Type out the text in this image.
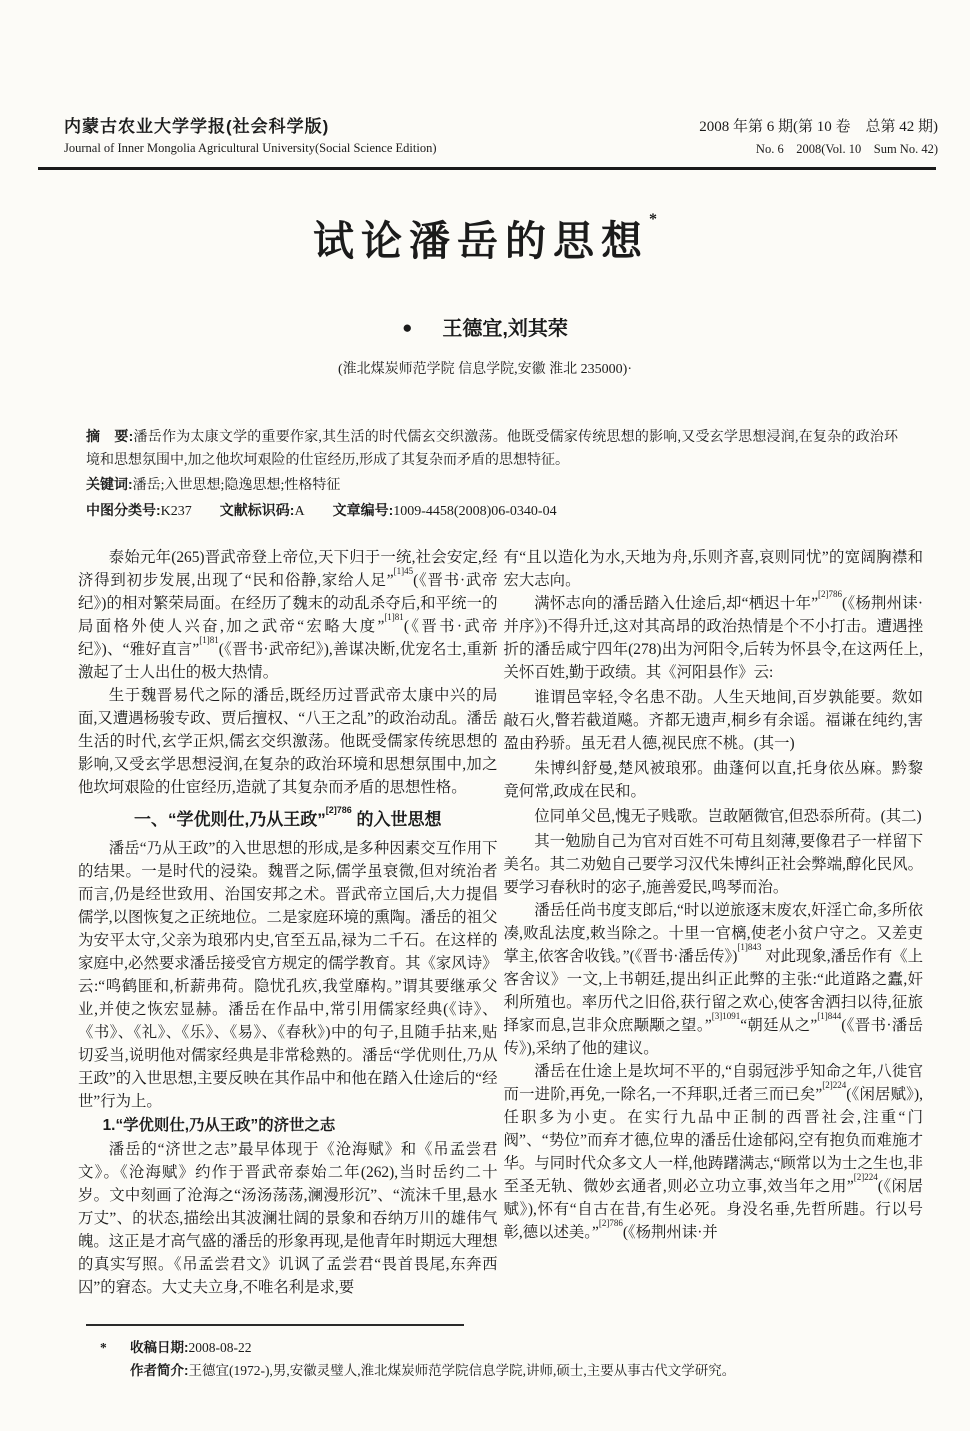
内蒙古农业大学学报(社会科学版)
Journal of Inner Mongolia Agricultural University(Social Science Edition)
2008 年第 6 期(第 10 卷　总第 42 期)
No. 6　2008(Vol. 10　Sum No. 42)
试论潘岳的思想*
● 王德宜,刘其荣
(淮北煤炭师范学院 信息学院,安徽 淮北 235000)·
摘　要:潘岳作为太康文学的重要作家,其生活的时代儒玄交织激荡。他既受儒家传统思想的影响,又受玄学思想浸润,在复杂的政治环境和思想氛围中,加之他坎坷艰险的仕宦经历,形成了其复杂而矛盾的思想特征。
关键词:潘岳;入世思想;隐逸思想;性格特征
中图分类号:K237 文献标识码:A 文章编号:1009-4458(2008)06-0340-04
泰始元年(265)晋武帝登上帝位,天下归于一统,社会安定,经济得到初步发展,出现了“民和俗静,家给人足”$^{[1]45}$(《晋书·武帝纪》)的相对繁荣局面。在经历了魏末的动乱杀夺后,和平统一的局面格外使人兴奋,加之武帝“宏略大度”$^{[1]81}$(《晋书·武帝纪》)、“雅好直言”$^{[1]81}$(《晋书·武帝纪》),善谋决断,优宠名士,重新激起了士人出仕的极大热情。
生于魏晋易代之际的潘岳,既经历过晋武帝太康中兴的局面,又遭遇杨骏专政、贾后擅权、“八王之乱”的政治动乱。潘岳生活的时代,玄学正炽,儒玄交织激荡。他既受儒家传统思想的影响,又受玄学思想浸润,在复杂的政治环境和思想氛围中,加之他坎坷艰险的仕宦经历,造就了其复杂而矛盾的思想性格。
一、“学优则仕,乃从王政”$^{[2]786}$ 的入世思想
潘岳“乃从王政”的入世思想的形成,是多种因素交互作用下的结果。一是时代的浸染。魏晋之际,儒学虽衰微,但对统治者而言,仍是经世致用、治国安邦之术。晋武帝立国后,大力提倡儒学,以图恢复之正统地位。二是家庭环境的熏陶。潘岳的祖父为安平太守,父亲为琅邪内史,官至五品,禄为二千石。在这样的家庭中,必然要求潘岳接受官方规定的儒学教育。其《家风诗》云:“鸣鹤匪和,析薪弗荷。隐忧孔疚,我堂靡构。”谓其要继承父业,并使之恢宏显赫。潘岳在作品中,常引用儒家经典(《诗》、《书》、《礼》、《乐》、《易》、《春秋》)中的句子,且随手拈来,贴切妥当,说明他对儒家经典是非常稔熟的。潘岳“学优则仕,乃从王政”的入世思想,主要反映在其作品中和他在踏入仕途后的“经世”行为上。
1.“学优则仕,乃从王政”的济世之志
潘岳的“济世之志”最早体现于《沧海赋》和《吊孟尝君文》。《沧海赋》约作于晋武帝泰始二年(262),当时岳约二十岁。文中刻画了沧海之“汤汤荡荡,澜漫形沉”、“流沫千里,悬水万丈”、的状态,描绘出其波澜壮阔的景象和吞纳万川的雄伟气魄。这正是才高气盛的潘岳的形象再现,是他青年时期远大理想的真实写照。《吊孟尝君文》讥讽了孟尝君“畏首畏尾,东奔西囚”的窘态。大丈夫立身,不唯名利是求,要
有“且以造化为水,天地为舟,乐则齐喜,哀则同忧”的宽阔胸襟和宏大志向。
满怀志向的潘岳踏入仕途后,却“栖迟十年”$^{[2]786}$(《杨荆州诔·并序》)不得升迁,这对其高昂的政治热情是个不小打击。遭遇挫折的潘岳咸宁四年(278)出为河阳令,后转为怀县令,在这两任上,关怀百姓,勤于政绩。其《河阳县作》云:
谁谓邑宰轻,令名患不劭。人生天地间,百岁孰能要。欻如敲石火,瞥若截道飚。齐都无遗声,桐乡有余谣。福谦在纯约,害盈由矜骄。虽无君人德,视民庶不桃。(其一)
朱博纠舒曼,楚风被琅邪。曲蓬何以直,托身依丛麻。黔黎竟何常,政成在民和。
位同单父邑,愧无子贱歌。岂敢陋微官,但恐忝所荷。(其二)
其一勉励自己为官对百姓不可苟且刻薄,要像君子一样留下美名。其二劝勉自己要学习汉代朱博纠正社会弊端,醇化民风。要学习春秋时的宓子,施善爱民,鸣琴而治。
潘岳任尚书度支郎后,“时以逆旅逐末废农,奸淫亡命,多所依凑,败乱法度,敕当除之。十里一官樆,使老小贫户守之。又差吏掌主,依客舍收钱。”(《晋书·潘岳传》)$^{[1]843}$ 对此现象,潘岳作有《上客舍议》一文,上书朝廷,提出纠正此弊的主张:“此道路之蠹,奸利所殖也。率历代之旧俗,获行留之欢心,使客舍洒扫以待,征旅择家而息,岂非众庶颙颙之望。”$^{[3]1091}$“朝廷从之”$^{[1]844}$(《晋书·潘岳传》),采纳了他的建议。
潘岳在仕途上是坎坷不平的,“自弱冠涉乎知命之年,八徙官而一进阶,再免,一除名,一不拜职,迁者三而已矣”$^{[2]224}$(《闲居赋》),任职多为小吏。在实行九品中正制的西晋社会,注重“门阀”、“势位”而弃才德,位卑的潘岳仕途郁闷,空有抱负而难施才华。与同时代众多文人一样,他踌躇满志,“顾常以为士之生也,非至圣无轨、微妙玄通者,则必立功立事,效当年之用”$^{[2]224}$(《闲居赋》),怀有“自古在昔,有生必死。身没名垂,先哲所韪。行以号彰,德以述美。”$^{[2]786}$(《杨荆州诔·并
* 收稿日期:2008-08-22
作者简介:王德宜(1972-),男,安徽灵璧人,淮北煤炭师范学院信息学院,讲师,硕士,主要从事古代文学研究。
